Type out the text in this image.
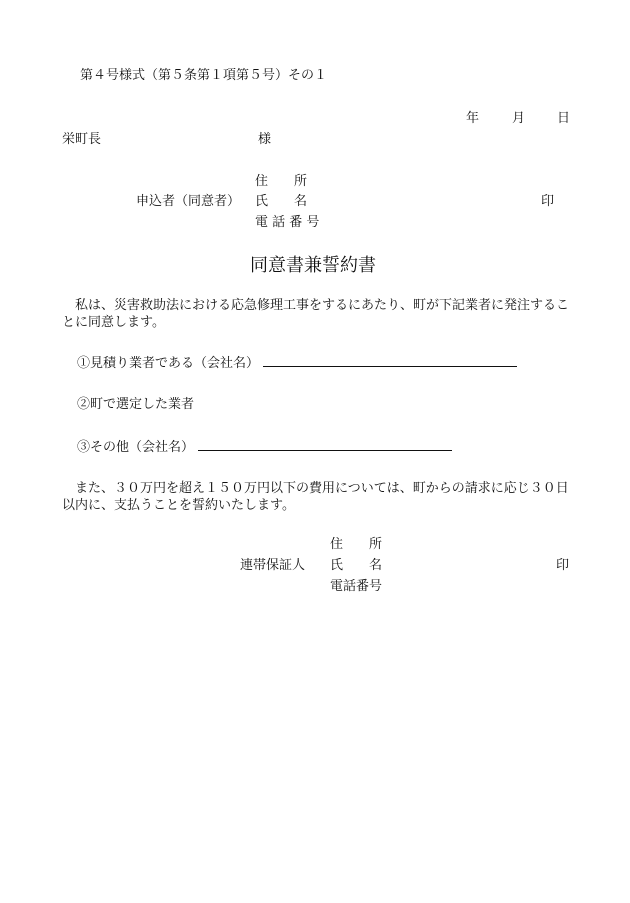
第４号様式（第５条第１項第５号）その１
年	月 日
栄町長	様
住　　所
申込者（同意者） 氏　　名	印
電 話 番 号
同意書兼誓約書
　私は、災害救助法における応急修理工事をするにあたり、町が下記業者に発注することに同意します。
①見積り業者である（会社名）
②町で選定した業者
③その他（会社名）
　また、３０万円を超え１５０万円以下の費用については、町からの請求に応じ３０日以内に、支払うことを誓約いたします。
住　　所
連帯保証人 氏　　名	印
電話番号
